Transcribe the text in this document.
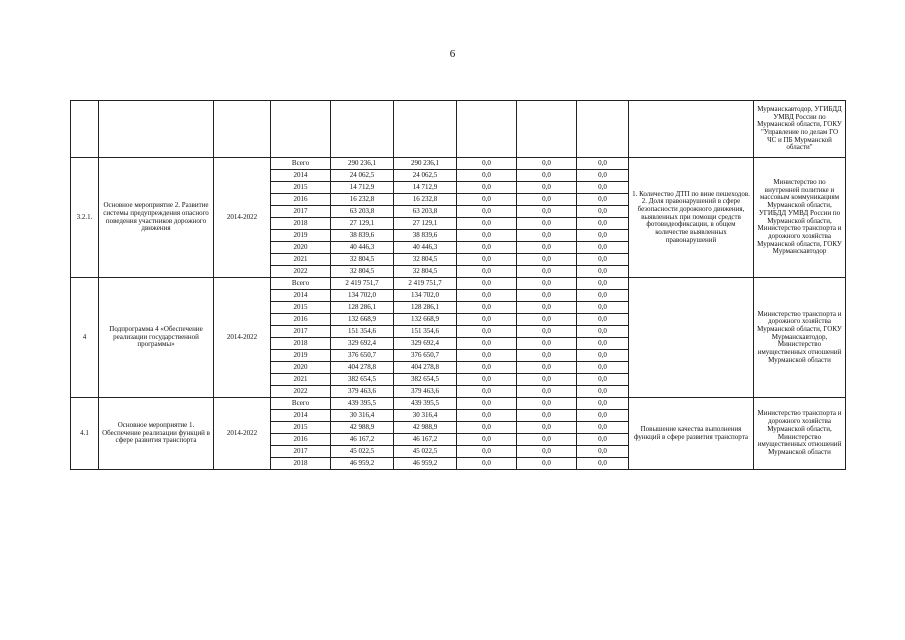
6
										Мурманскавтодор, УГИБДД УМВД России по Мурманской области, ГОКУ "Управление по делам ГО ЧС и ПБ Мурманской области"
3.2.1.	Основное мероприятие 2. Развитие системы предупреждения опасного поведения участников дорожного движения	2014-2022	Всего	290 236,1	290 236,1	0,0	0,0	0,0	1. Количество ДТП по вине пешеходов. 2. Доля правонарушений в сфере безопасности дорожного движения, выявленных при помощи средств фотовидеофиксации, в общем количестве выявленных правонарушений	Министерство по внутренней политике и массовым коммуникациям Мурманской области, УГИБДД УМВД России по Мурманской области, Министерство транспорта и дорожного хозяйства Мурманской области, ГОКУ Мурманскавтодор
			2014	24 062,5	24 062,5	0,0	0,0	0,0		
			2015	14 712,9	14 712,9	0,0	0,0	0,0		
			2016	16 232,8	16 232,8	0,0	0,0	0,0		
			2017	63 203,8	63 203,8	0,0	0,0	0,0		
			2018	27 129,1	27 129,1	0,0	0,0	0,0		
			2019	38 839,6	38 839,6	0,0	0,0	0,0		
			2020	40 446,3	40 446,3	0,0	0,0	0,0		
			2021	32 804,5	32 804,5	0,0	0,0	0,0		
			2022	32 804,5	32 804,5	0,0	0,0	0,0		
4	Подпрограмма 4 «Обеспечение реализации государственной программы»	2014-2022	Всего	2 419 751,7	2 419 751,7	0,0	0,0	0,0		Министерство транспорта и дорожного хозяйства Мурманской области, ГОКУ Мурманскавтодор, Министерство имущественных отношений Мурманской области
			2014	134 702,0	134 702,0	0,0	0,0	0,0		
			2015	128 286,1	128 286,1	0,0	0,0	0,0		
			2016	132 668,9	132 668,9	0,0	0,0	0,0		
			2017	151 354,6	151 354,6	0,0	0,0	0,0		
			2018	329 692,4	329 692,4	0,0	0,0	0,0		
			2019	376 650,7	376 650,7	0,0	0,0	0,0		
			2020	404 278,8	404 278,8	0,0	0,0	0,0		
			2021	382 654,5	382 654,5	0,0	0,0	0,0		
			2022	379 463,6	379 463,6	0,0	0,0	0,0		
4.1	Основное мероприятие 1. Обеспечение реализации функций в сфере развития транспорта	2014-2022	Всего	439 395,5	439 395,5	0,0	0,0	0,0	Повышение качества выполнения функций в сфере развития транспорта	Министерство транспорта и дорожного хозяйства Мурманской области, Министерство имущественных отношений Мурманской области
			2014	30 316,4	30 316,4	0,0	0,0	0,0		
			2015	42 988,9	42 988,9	0,0	0,0	0,0		
			2016	46 167,2	46 167,2	0,0	0,0	0,0		
			2017	45 022,5	45 022,5	0,0	0,0	0,0		
			2018	46 959,2	46 959,2	0,0	0,0	0,0		
